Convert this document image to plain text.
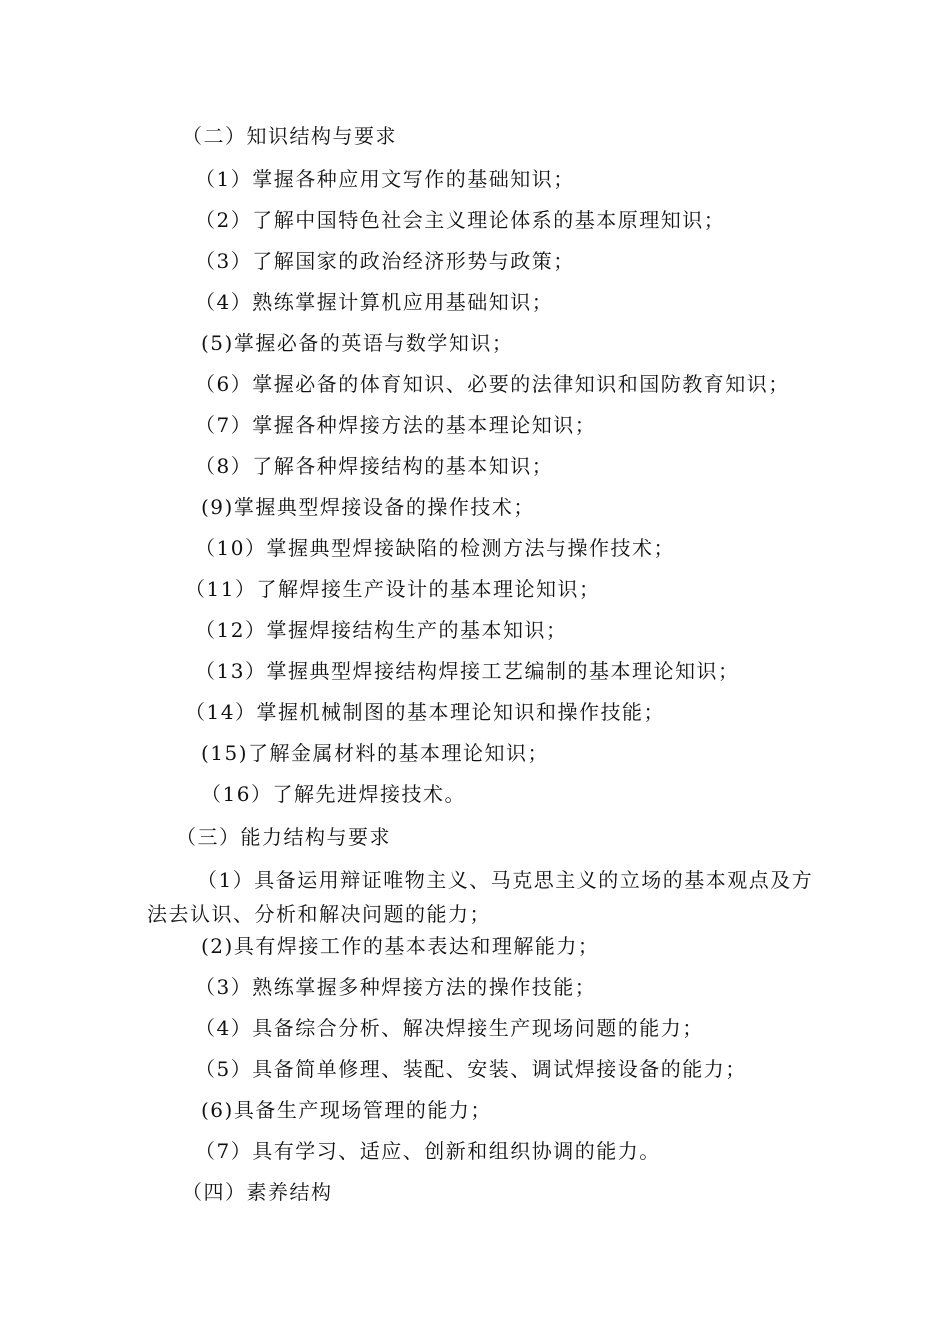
（二）知识结构与要求
（1）掌握各种应用文写作的基础知识；
（2）了解中国特色社会主义理论体系的基本原理知识；
（3）了解国家的政治经济形势与政策；
（4）熟练掌握计算机应用基础知识；
(5)掌握必备的英语与数学知识；
（6）掌握必备的体育知识、必要的法律知识和国防教育知识；
（7）掌握各种焊接方法的基本理论知识；
（8）了解各种焊接结构的基本知识；
(9)掌握典型焊接设备的操作技术；
（10）掌握典型焊接缺陷的检测方法与操作技术；
（11）了解焊接生产设计的基本理论知识；
（12）掌握焊接结构生产的基本知识；
（13）掌握典型焊接结构焊接工艺编制的基本理论知识；
（14）掌握机械制图的基本理论知识和操作技能；
(15)了解金属材料的基本理论知识；
（16）了解先进焊接技术。
（三）能力结构与要求
（1）具备运用辩证唯物主义、马克思主义的立场的基本观点及方法去认识、分析和解决问题的能力；
(2)具有焊接工作的基本表达和理解能力；
（3）熟练掌握多种焊接方法的操作技能；
（4）具备综合分析、解决焊接生产现场问题的能力；
（5）具备简单修理、装配、安装、调试焊接设备的能力；
(6)具备生产现场管理的能力；
（7）具有学习、适应、创新和组织协调的能力。
（四）素养结构
